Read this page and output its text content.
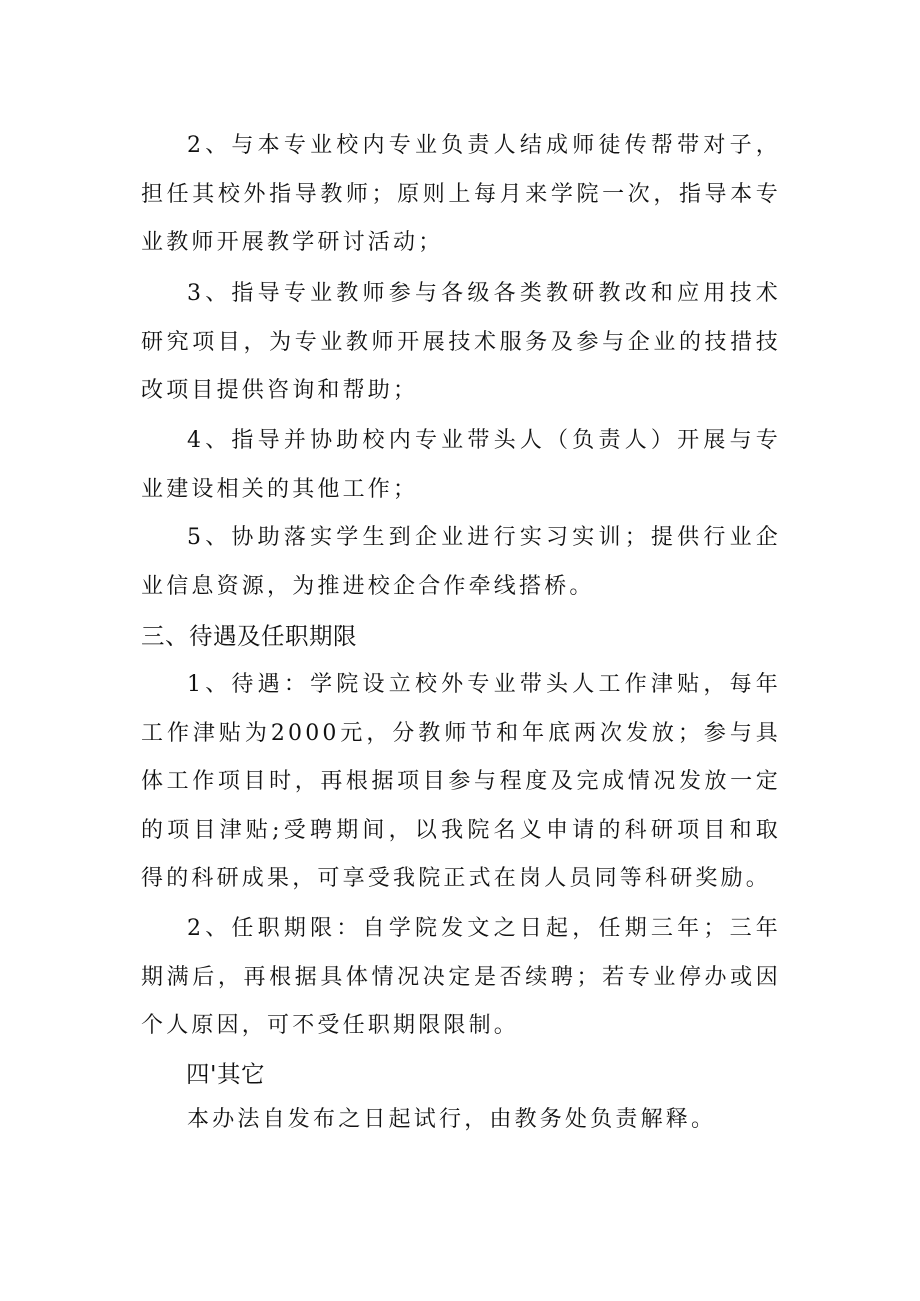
2、与本专业校内专业负责人结成师徒传帮带对子，担任其校外指导教师；原则上每月来学院一次，指导本专业教师开展教学研讨活动；

3、指导专业教师参与各级各类教研教改和应用技术研究项目，为专业教师开展技术服务及参与企业的技措技改项目提供咨询和帮助；

4、指导并协助校内专业带头人（负责人）开展与专业建设相关的其他工作；

5、协助落实学生到企业进行实习实训；提供行业企业信息资源，为推进校企合作牵线搭桥。

三、待遇及任职期限

1、待遇：学院设立校外专业带头人工作津贴，每年工作津贴为2000元，分教师节和年底两次发放；参与具体工作项目时，再根据项目参与程度及完成情况发放一定的项目津贴;受聘期间，以我院名义申请的科研项目和取得的科研成果，可享受我院正式在岗人员同等科研奖励。

2、任职期限：自学院发文之日起，任期三年；三年期满后，再根据具体情况决定是否续聘；若专业停办或因个人原因，可不受任职期限限制。

四'其它

本办法自发布之日起试行，由教务处负责解释。
